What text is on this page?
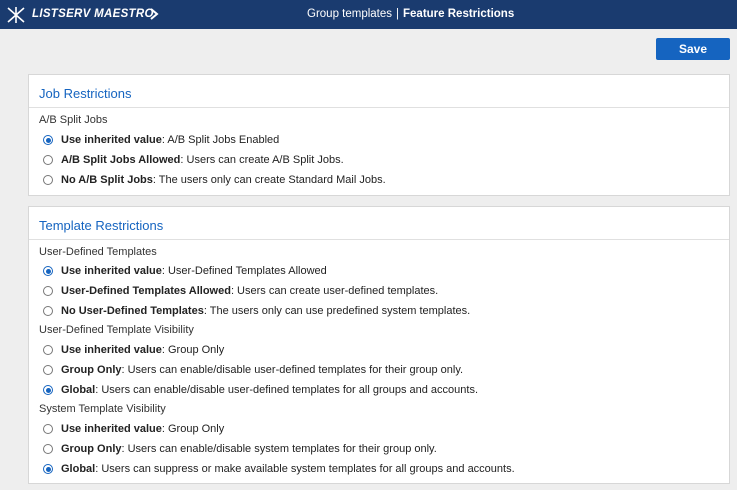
LISTSERV MAESTRO	Group templates | Feature Restrictions
Save
Job Restrictions
A/B Split Jobs
Use inherited value: A/B Split Jobs Enabled
A/B Split Jobs Allowed: Users can create A/B Split Jobs.
No A/B Split Jobs: The users only can create Standard Mail Jobs.
Template Restrictions
User-Defined Templates
Use inherited value: User-Defined Templates Allowed
User-Defined Templates Allowed: Users can create user-defined templates.
No User-Defined Templates: The users only can use predefined system templates.
User-Defined Template Visibility
Use inherited value: Group Only
Group Only: Users can enable/disable user-defined templates for their group only.
Global: Users can enable/disable user-defined templates for all groups and accounts.
System Template Visibility
Use inherited value: Group Only
Group Only: Users can enable/disable system templates for their group only.
Global: Users can suppress or make available system templates for all groups and accounts.
